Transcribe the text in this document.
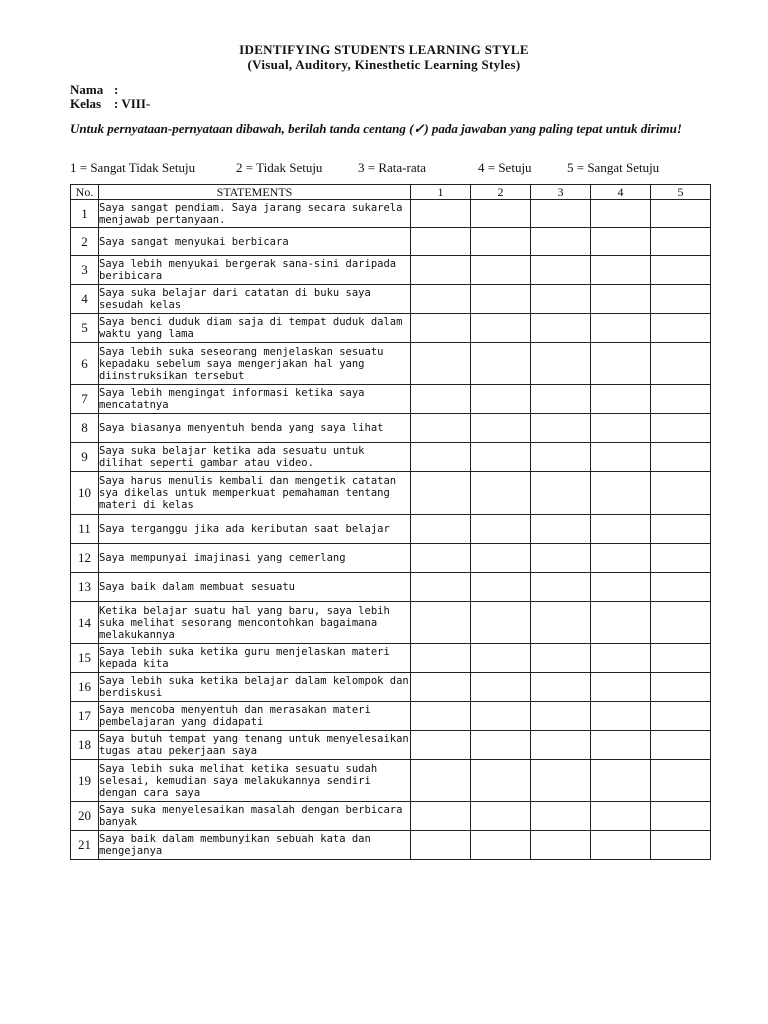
IDENTIFYING STUDENTS LEARNING STYLE
(Visual, Auditory, Kinesthetic Learning Styles)
Nama :
Kelas : VIII-
Untuk pernyataan-pernyataan dibawah, berilah tanda centang (✓) pada jawaban yang paling tepat untuk dirimu!
1 = Sangat Tidak Setuju	2 = Tidak Setuju	3 = Rata-rata	4 = Setuju	5 = Sangat Setuju
No.	STATEMENTS	1	2	3	4	5
1	Saya sangat pendiam. Saya jarang secara sukarela menjawab pertanyaan.					
2	Saya sangat menyukai berbicara					
3	Saya lebih menyukai bergerak sana-sini daripada beribicara					
4	Saya suka belajar dari catatan di buku saya sesudah kelas					
5	Saya benci duduk diam saja di tempat duduk dalam waktu yang lama					
6	Saya lebih suka seseorang menjelaskan sesuatu kepadaku sebelum saya mengerjakan hal yang diinstruksikan tersebut					
7	Saya lebih mengingat informasi ketika saya mencatatnya					
8	Saya biasanya menyentuh benda yang saya lihat					
9	Saya suka belajar ketika ada sesuatu untuk dilihat seperti gambar atau video.					
10	Saya harus menulis kembali dan mengetik catatan sya dikelas untuk memperkuat pemahaman tentang materi di kelas					
11	Saya terganggu jika ada keributan saat belajar					
12	Saya mempunyai imajinasi yang cemerlang					
13	Saya baik dalam membuat sesuatu					
14	Ketika belajar suatu hal yang baru, saya lebih suka melihat sesorang mencontohkan bagaimana melakukannya					
15	Saya lebih suka ketika guru menjelaskan materi kepada kita					
16	Saya lebih suka ketika belajar dalam kelompok dan berdiskusi					
17	Saya mencoba menyentuh dan merasakan materi pembelajaran yang didapati					
18	Saya butuh tempat yang tenang untuk menyelesaikan tugas atau pekerjaan saya					
19	Saya lebih suka melihat ketika sesuatu sudah selesai, kemudian saya melakukannya sendiri dengan cara saya					
20	Saya suka menyelesaikan masalah dengan berbicara banyak					
21	Saya baik dalam membunyikan sebuah kata dan mengejanya					
